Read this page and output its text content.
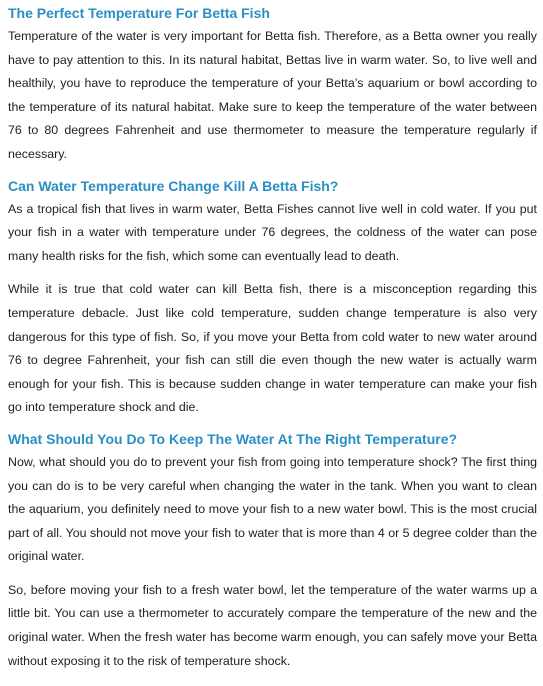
The Perfect Temperature For Betta Fish

Temperature of the water is very important for Betta fish. Therefore, as a Betta owner you really have to pay attention to this. In its natural habitat, Bettas live in warm water. So, to live well and healthily, you have to reproduce the temperature of your Betta’s aquarium or bowl according to the temperature of its natural habitat. Make sure to keep the temperature of the water between 76 to 80 degrees Fahrenheit and use thermometer to measure the temperature regularly if necessary.

Can Water Temperature Change Kill A Betta Fish?

As a tropical fish that lives in warm water, Betta Fishes cannot live well in cold water. If you put your fish in a water with temperature under 76 degrees, the coldness of the water can pose many health risks for the fish, which some can eventually lead to death.

While it is true that cold water can kill Betta fish, there is a misconception regarding this temperature debacle. Just like cold temperature, sudden change temperature is also very dangerous for this type of fish. So, if you move your Betta from cold water to new water around 76 to degree Fahrenheit, your fish can still die even though the new water is actually warm enough for your fish. This is because sudden change in water temperature can make your fish go into temperature shock and die.

What Should You Do To Keep The Water At The Right Temperature?

Now, what should you do to prevent your fish from going into temperature shock? The first thing you can do is to be very careful when changing the water in the tank. When you want to clean the aquarium, you definitely need to move your fish to a new water bowl. This is the most crucial part of all. You should not move your fish to water that is more than 4 or 5 degree colder than the original water.

So, before moving your fish to a fresh water bowl, let the temperature of the water warms up a little bit. You can use a thermometer to accurately compare the temperature of the new and the original water. When the fresh water has become warm enough, you can safely move your Betta without exposing it to the risk of temperature shock.
